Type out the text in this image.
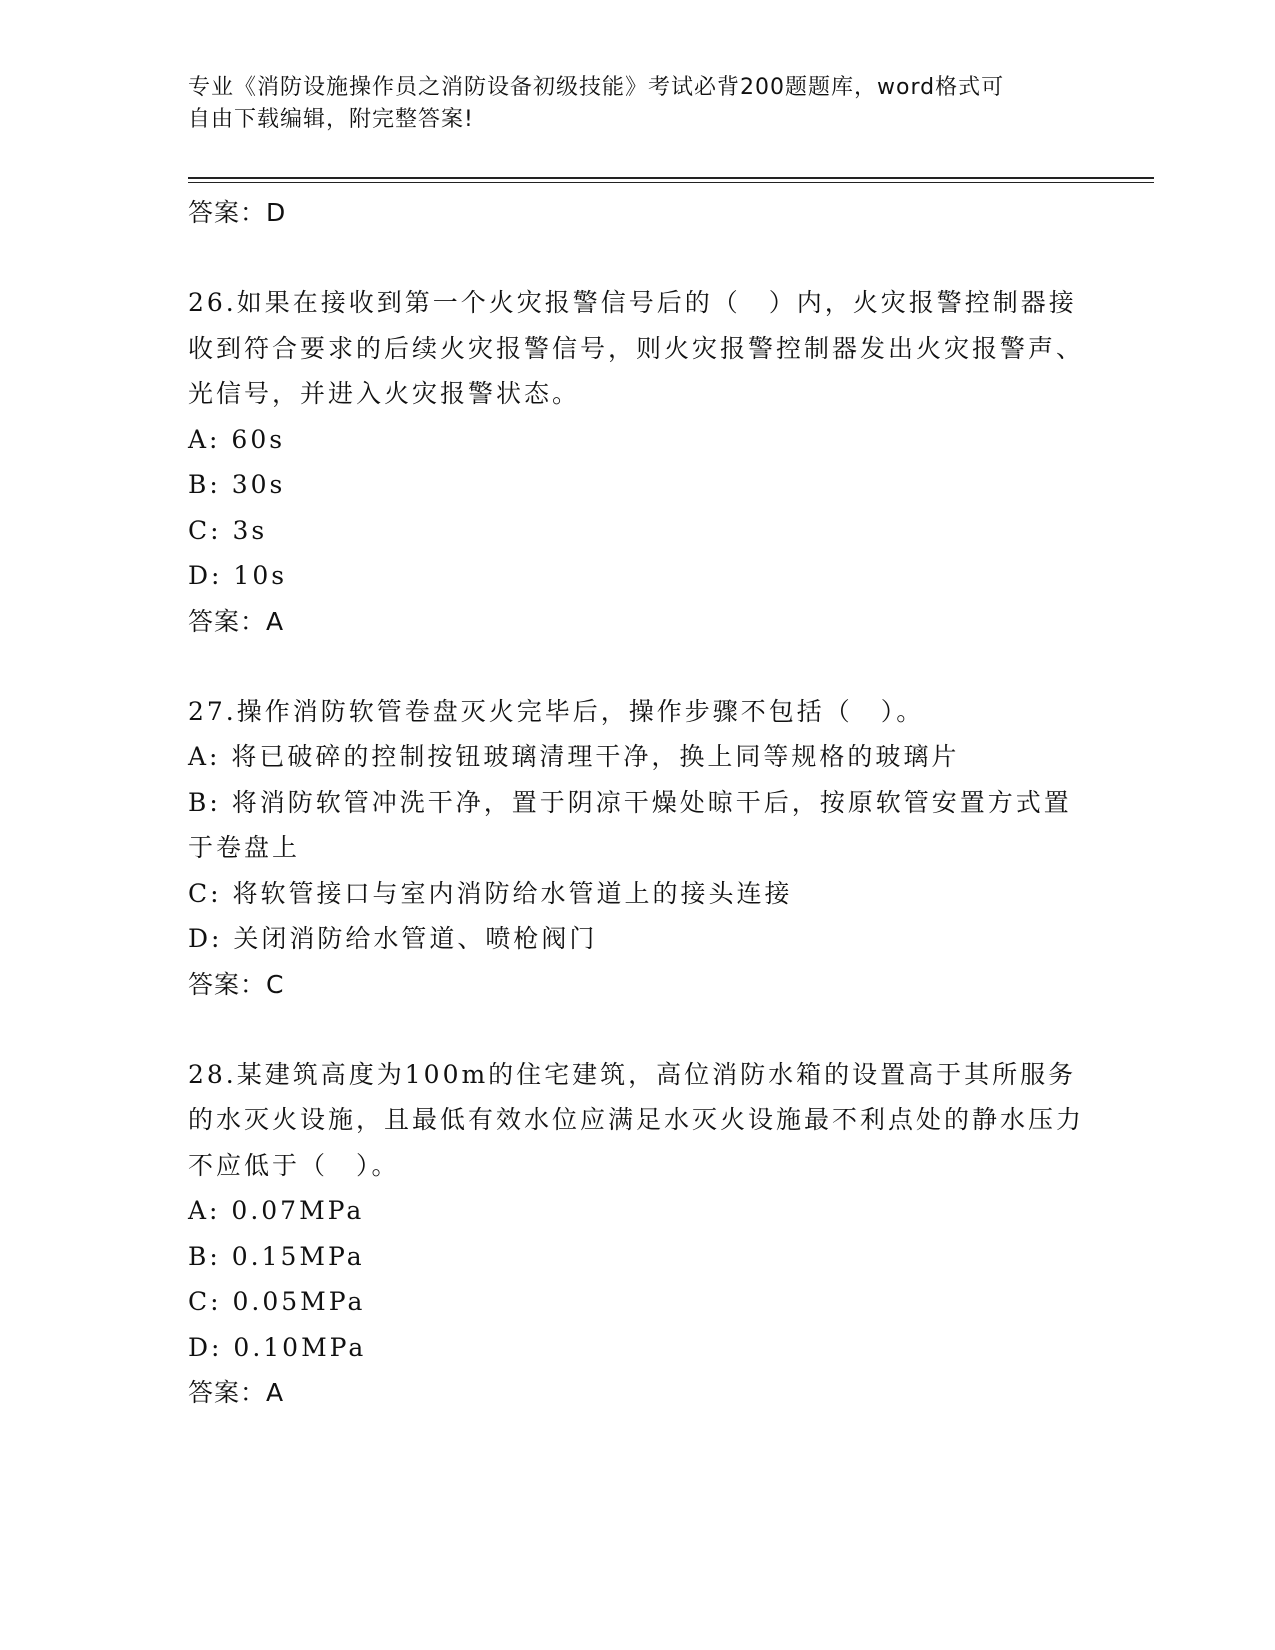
专业《消防设施操作员之消防设备初级技能》考试必背200题题库，word格式可
自由下载编辑，附完整答案!
答案：D
26.如果在接收到第一个火灾报警信号后的（　）内，火灾报警控制器接收到符合要求的后续火灾报警信号，则火灾报警控制器发出火灾报警声、光信号，并进入火灾报警状态。
A: 60s
B: 30s
C: 3s
D: 10s
答案：A
27.操作消防软管卷盘灭火完毕后，操作步骤不包括（　）。
A: 将已破碎的控制按钮玻璃清理干净，换上同等规格的玻璃片
B: 将消防软管冲洗干净，置于阴凉干燥处晾干后，按原软管安置方式置于卷盘上
C: 将软管接口与室内消防给水管道上的接头连接
D: 关闭消防给水管道、喷枪阀门
答案：C
28.某建筑高度为100m的住宅建筑，高位消防水箱的设置高于其所服务的水灭火设施，且最低有效水位应满足水灭火设施最不利点处的静水压力不应低于（　）。
A: 0.07MPa
B: 0.15MPa
C: 0.05MPa
D: 0.10MPa
答案：A
